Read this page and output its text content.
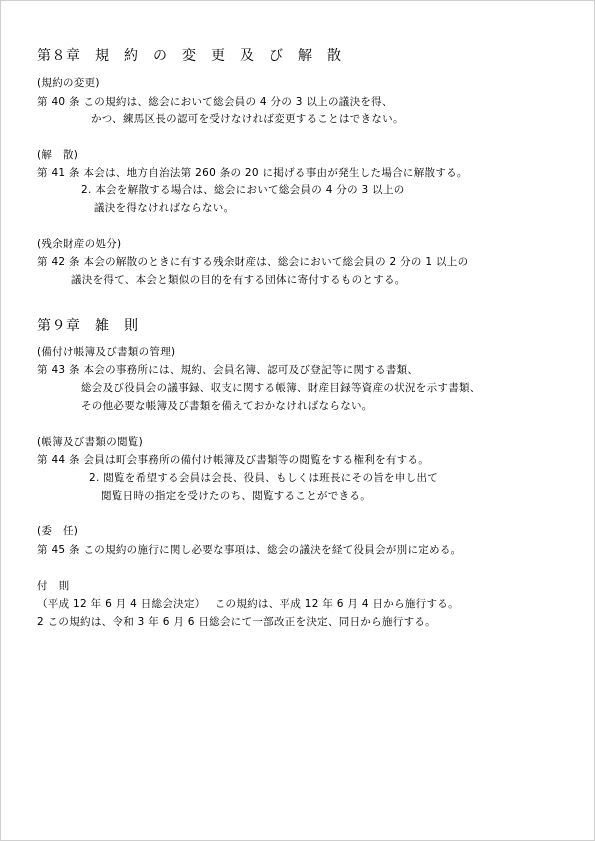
第８章　規　約　の　変　更　及　び　解　散
(規約の変更)
第 40 条 この規約は、総会において総会員の 4 分の 3 以上の議決を得、
かつ、練馬区長の認可を受けなければ変更することはできない。
(解　散)
第 41 条 本会は、地方自治法第 260 条の 20 に掲げる事由が発生した場合に解散する。
2. 本会を解散する場合は、総会において総会員の 4 分の 3 以上の
議決を得なければならない。
(残余財産の処分)
第 42 条 本会の解散のときに有する残余財産は、総会において総会員の 2 分の 1 以上の
議決を得て、本会と類似の目的を有する団体に寄付するものとする。
第９章　雑　則
(備付け帳簿及び書類の管理)
第 43 条 本会の事務所には、規約、会員名簿、認可及び登記等に関する書類、
総会及び役員会の議事録、収支に関する帳簿、財産目録等資産の状況を示す書類、
その他必要な帳簿及び書類を備えておかなければならない。
(帳簿及び書類の閲覧)
第 44 条 会員は町会事務所の備付け帳簿及び書類等の閲覧をする権利を有する。
2. 閲覧を希望する会員は会長、役員、もしくは班長にその旨を申し出て
閲覧日時の指定を受けたのち、閲覧することができる。
(委　任)
第 45 条 この規約の施行に関し必要な事項は、総会の議決を経て役員会が別に定める。
付　則
（平成 12 年 6 月 4 日総会決定）　 この規約は、平成 12 年 6 月 4 日から施行する。
2 この規約は、令和 3 年 6 月 6 日総会にて一部改正を決定、同日から施行する。
